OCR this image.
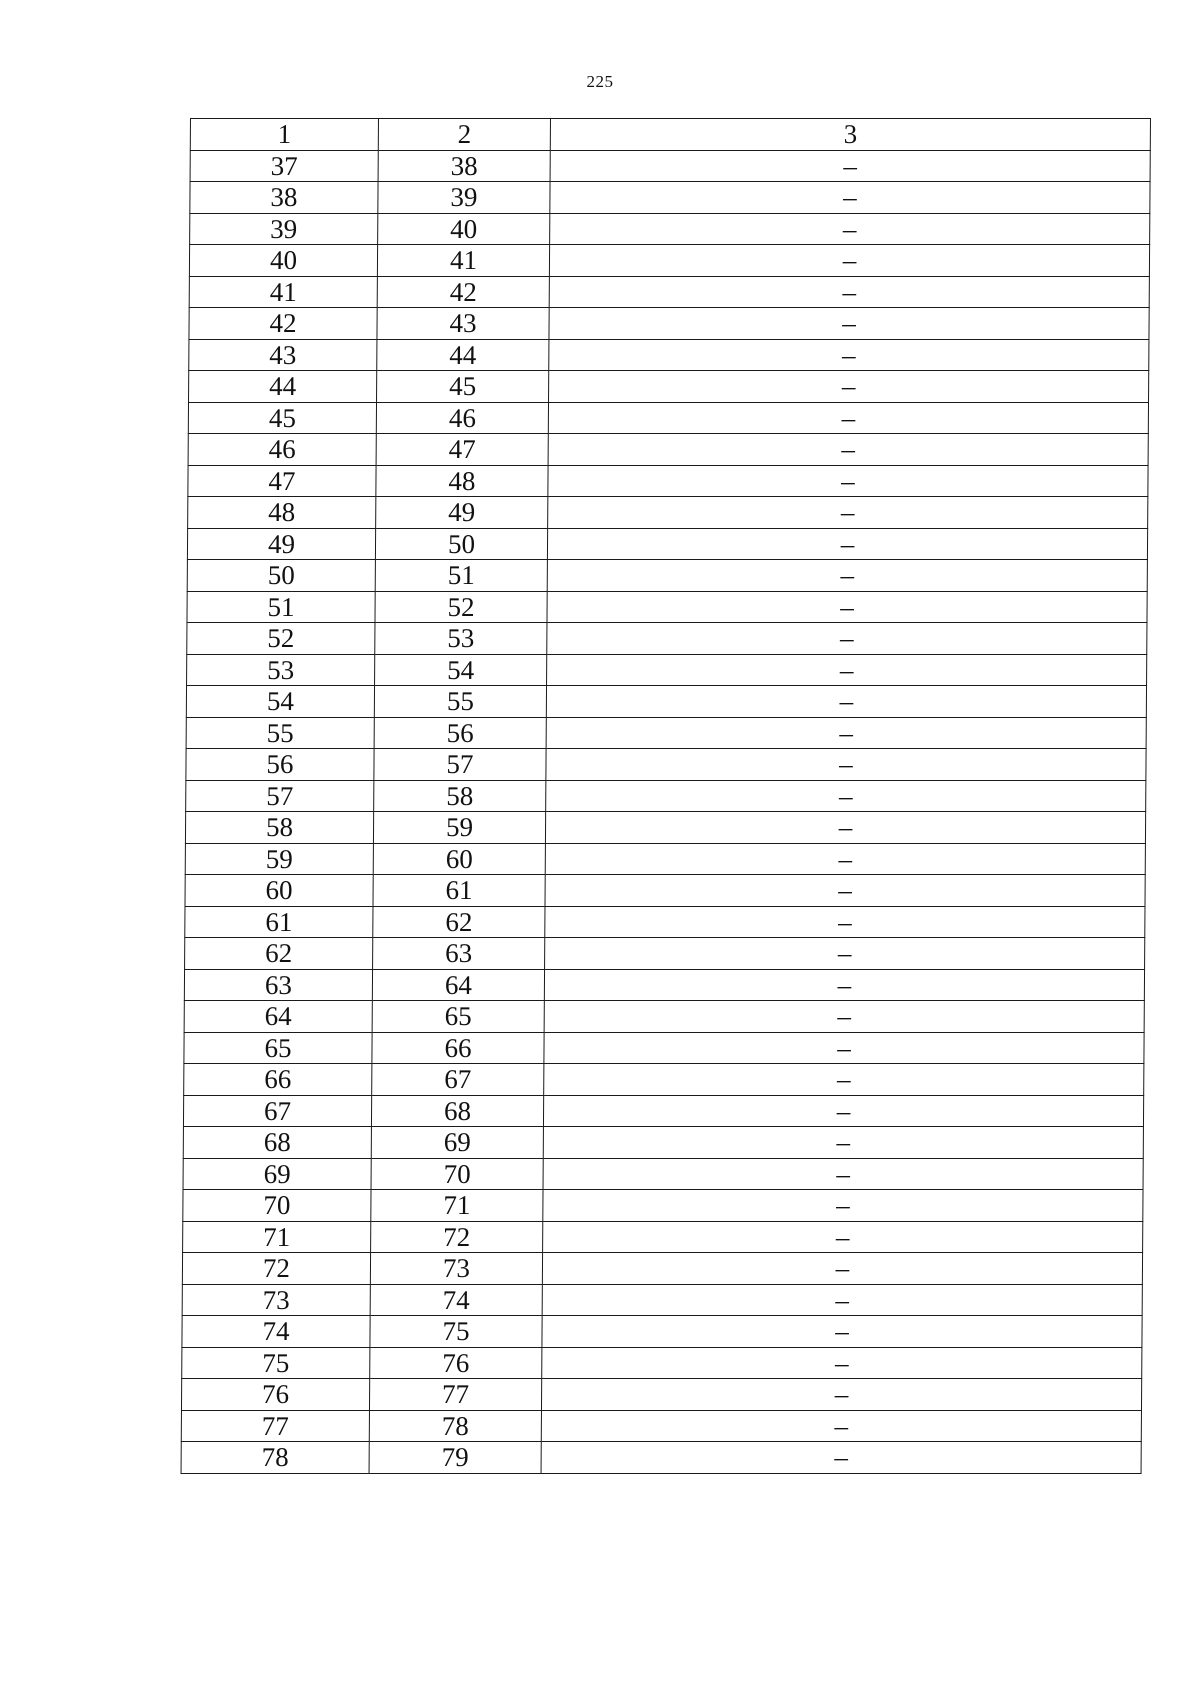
225
1	2	3
37	38	–
38	39	–
39	40	–
40	41	–
41	42	–
42	43	–
43	44	–
44	45	–
45	46	–
46	47	–
47	48	–
48	49	–
49	50	–
50	51	–
51	52	–
52	53	–
53	54	–
54	55	–
55	56	–
56	57	–
57	58	–
58	59	–
59	60	–
60	61	–
61	62	–
62	63	–
63	64	–
64	65	–
65	66	–
66	67	–
67	68	–
68	69	–
69	70	–
70	71	–
71	72	–
72	73	–
73	74	–
74	75	–
75	76	–
76	77	–
77	78	–
78	79	–
